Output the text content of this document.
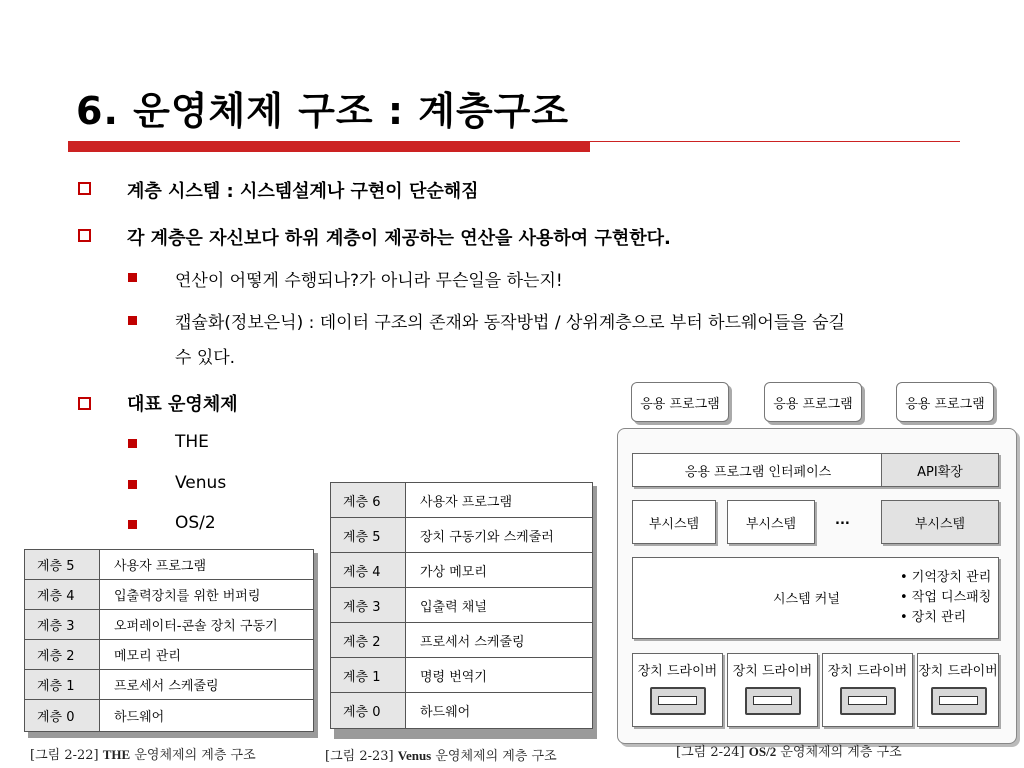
6. 운영체제 구조 : 계층구조
계층 시스템 : 시스템설계나 구현이 단순해짐
각 계층은 자신보다 하위 계층이 제공하는 연산을 사용하여 구현한다.
연산이 어떻게 수행되나?가 아니라 무슨일을 하는지!
캡슐화(정보은닉) : 데이터 구조의 존재와 동작방법 / 상위계층으로 부터 하드웨어들을 숨길
수 있다.
대표 운영체제
THE
Venus
OS/2
계층 5	사용자 프로그램
계층 4	입출력장치를 위한 버퍼링
계층 3	오퍼레이터-콘솔 장치 구동기
계층 2	메모리 관리
계층 1	프로세서 스케줄링
계층 0	하드웨어
[그림 2-22] THE 운영체제의 계층 구조
계층 6	사용자 프로그램
계층 5	장치 구동기와 스케줄러
계층 4	가상 메모리
계층 3	입출력 채널
계층 2	프로세서 스케줄링
계층 1	명령 번역기
계층 0	하드웨어
[그림 2-23] Venus 운영체제의 계층 구조
응용 프로그램	응용 프로그램	응용 프로그램
응용 프로그램 인터페이스	API확장
부시스템	부시스템	...	부시스템
시스템 커널
• 기억장치 관리
• 작업 디스패칭
• 장치 관리
장치 드라이버	장치 드라이버	장치 드라이버 장치 드라이버
[그림 2-24] OS/2 운영체제의 계층 구조
